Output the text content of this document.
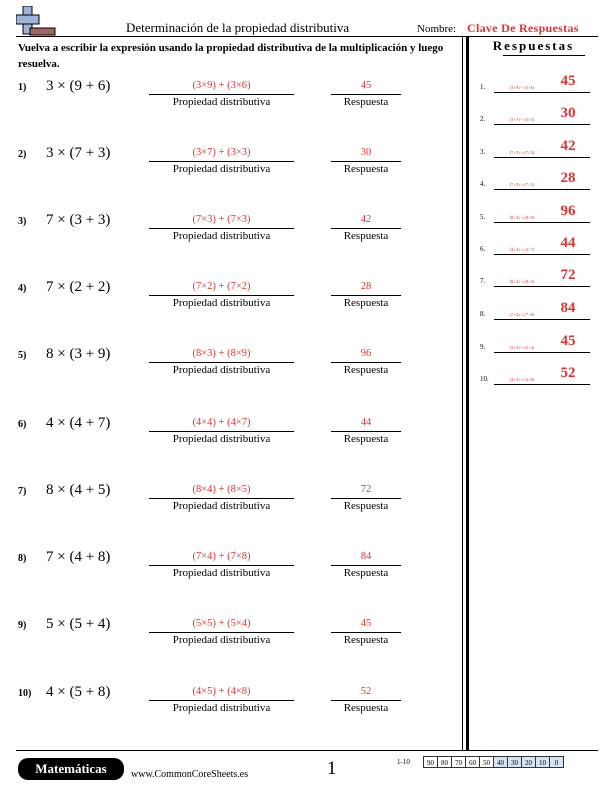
Determinación de la propiedad distributiva	Nombre: Clave De Respuestas
Vuelva a escribir la expresión usando la propiedad distributiva de la multiplicación y luego resuelva.
1) 3 × (9 + 6)	(3×9) + (3×6)
Propiedad distributiva
45
Respuesta
2) 3 × (7 + 3)	(3×7) + (3×3)
Propiedad distributiva
30
Respuesta
3) 7 × (3 + 3)	(7×3) + (7×3)
Propiedad distributiva
42
Respuesta
4) 7 × (2 + 2)	(7×2) + (7×2)
Propiedad distributiva
28
Respuesta
5) 8 × (3 + 9)	(8×3) + (8×9)
Propiedad distributiva
96
Respuesta
6) 4 × (4 + 7)	(4×4) + (4×7)
Propiedad distributiva
44
Respuesta
7) 8 × (4 + 5)	(8×4) + (8×5)
Propiedad distributiva
72
Respuesta
8) 7 × (4 + 8)	(7×4) + (7×8)
Propiedad distributiva
84
Respuesta
9) 5 × (5 + 4)	(5×5) + (5×4)
Propiedad distributiva
45
Respuesta
10) 4 × (5 + 8)	(4×5) + (4×8)
Propiedad distributiva
52
Respuesta
Respuestas
1.	(3×9) + (3×6)	45
2.	(3×7) + (3×3)	30
3.	(7×3) + (7×3)	42
4.	(7×2) + (7×2)	28
5.	(8×3) + (8×9)	96
6.	(4×4) + (4×7)	44
7.	(8×4) + (8×5)	72
8.	(7×4) + (7×8)	84
9.	(5×5) + (5×4)	45
10.	(4×5) + (4×8)	52
Matemáticas	www.CommonCoreSheets.es	1	1-10	90	80	70	60	50	40	30	20	10	0
